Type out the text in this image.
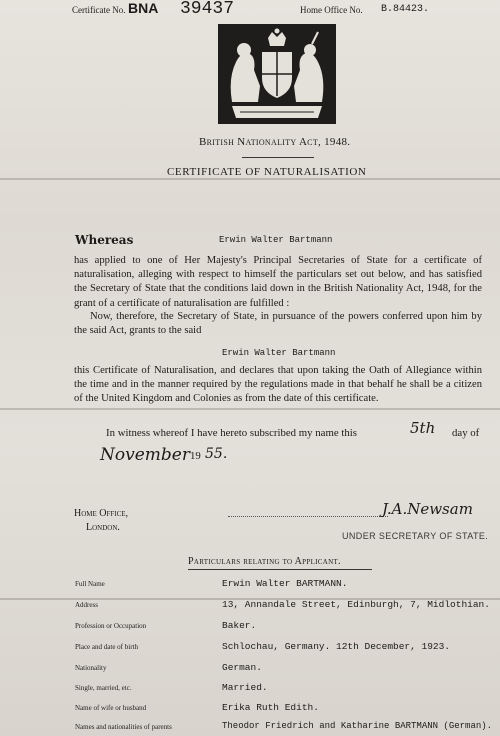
Certificate No. BNA 39437	Home Office No. B.84423.
British Nationality Act, 1948.
CERTIFICATE OF NATURALISATION
Whereas	Erwin Walter Bartmann
has applied to one of Her Majesty's Principal Secretaries of State for a certificate of naturalisation, alleging with respect to himself the particulars set out below, and has satisfied the Secretary of State that the conditions laid down in the British Nationality Act, 1948, for the grant of a certificate of naturalisation are fulfilled :
Now, therefore, the Secretary of State, in pursuance of the powers conferred upon him by the said Act, grants to the said
Erwin Walter Bartmann
this Certificate of Naturalisation, and declares that upon taking the Oath of Allegiance within the time and in the manner required by the regulations made in that behalf he shall be a citizen of the United Kingdom and Colonies as from the date of this certificate.
In witness whereof I have hereto subscribed my name this	5th day of
November 19 55.
Home Office,
London.
J.A.Newsam
UNDER SECRETARY OF STATE.
Particulars relating to Applicant.
Full Name	Erwin Walter BARTMANN.
Address	13, Annandale Street, Edinburgh, 7, Midlothian.
Profession or Occupation	Baker.
Place and date of birth	Schlochau, Germany. 12th December, 1923.
Nationality	German.
Single, married, etc.	Married.
Name of wife or husband	Erika Ruth Edith.
Names and nationalities of parents	Theodor Friedrich and Katharine BARTMANN (German).
